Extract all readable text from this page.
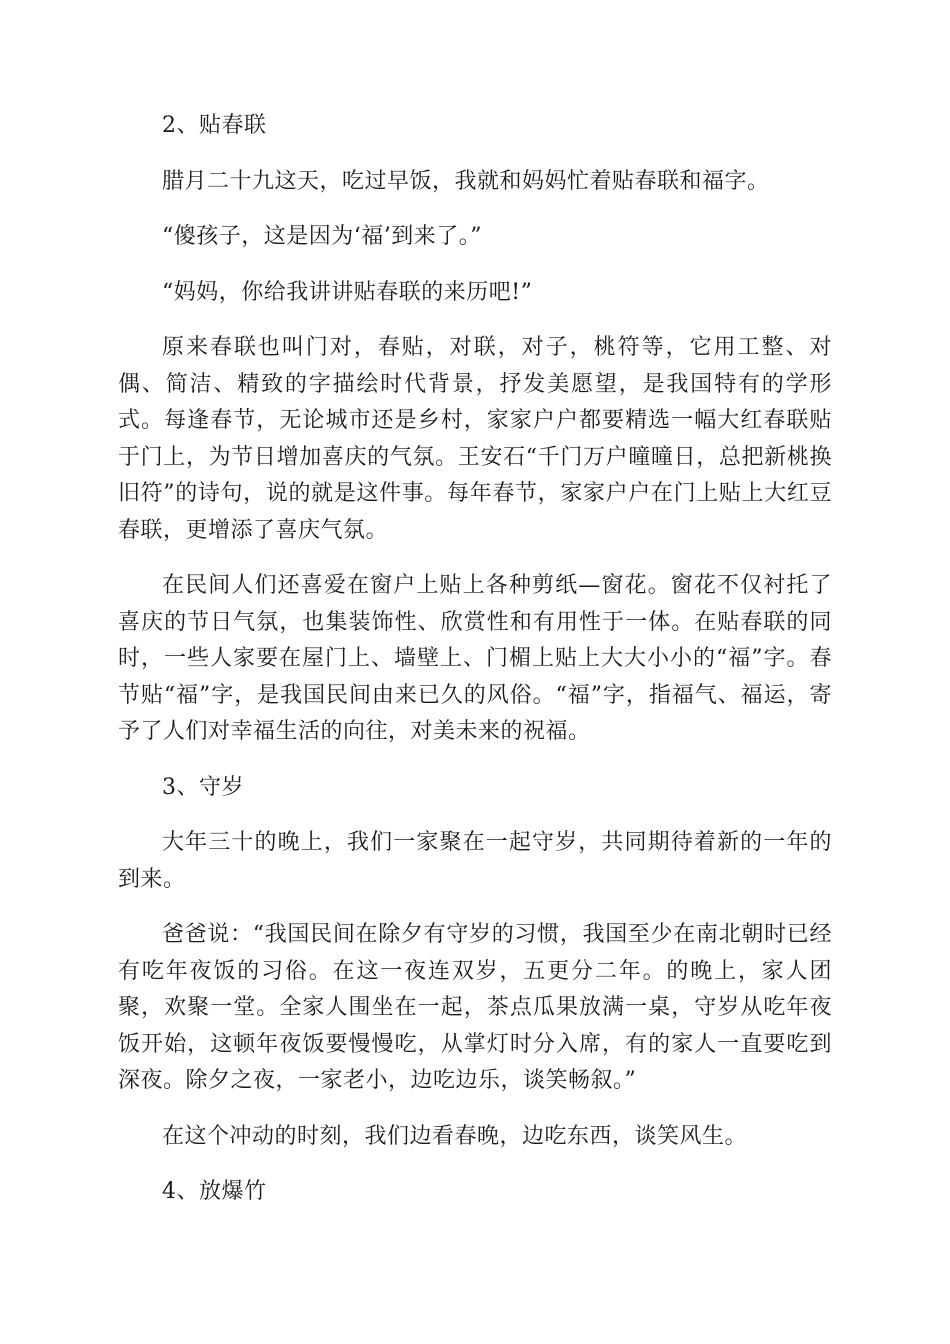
2、贴春联
腊月二十九这天，吃过早饭，我就和妈妈忙着贴春联和福字。
“傻孩子，这是因为‘福’到来了。”
“妈妈，你给我讲讲贴春联的来历吧!”
原来春联也叫门对，春贴，对联，对子，桃符等，它用工整、对偶、简洁、精致的字描绘时代背景，抒发美愿望，是我国特有的学形式。每逢春节，无论城市还是乡村，家家户户都要精选一幅大红春联贴于门上，为节日增加喜庆的气氛。王安石“千门万户曈曈日，总把新桃换旧符”的诗句，说的就是这件事。每年春节，家家户户在门上贴上大红豆春联，更增添了喜庆气氛。
在民间人们还喜爱在窗户上贴上各种剪纸—窗花。窗花不仅衬托了喜庆的节日气氛，也集装饰性、欣赏性和有用性于一体。在贴春联的同时，一些人家要在屋门上、墙壁上、门楣上贴上大大小小的“福”字。春节贴“福”字，是我国民间由来已久的风俗。“福”字，指福气、福运，寄予了人们对幸福生活的向往，对美未来的祝福。
3、守岁
大年三十的晚上，我们一家聚在一起守岁，共同期待着新的一年的到来。
爸爸说：“我国民间在除夕有守岁的习惯，我国至少在南北朝时已经有吃年夜饭的习俗。在这一夜连双岁，五更分二年。的晚上，家人团聚，欢聚一堂。全家人围坐在一起，茶点瓜果放满一桌，守岁从吃年夜饭开始，这顿年夜饭要慢慢吃，从掌灯时分入席，有的家人一直要吃到深夜。除夕之夜，一家老小，边吃边乐，谈笑畅叙。”
在这个冲动的时刻，我们边看春晚，边吃东西，谈笑风生。
4、放爆竹
